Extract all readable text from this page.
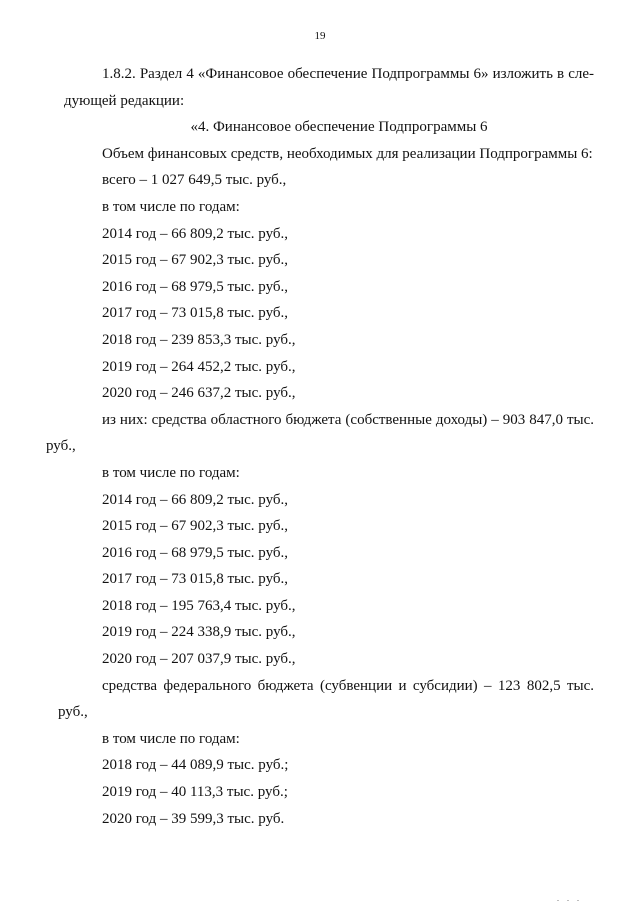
19

1.8.2. Раздел 4 «Финансовое обеспечение Подпрограммы 6» изложить в сле-

дующей редакции:

«4. Финансовое обеспечение Подпрограммы 6

Объем финансовых средств, необходимых для реализации Подпрограммы 6:

всего – 1 027 649,5 тыс. руб.,

в том числе по годам:

2014 год – 66 809,2 тыс. руб.,

2015 год – 67 902,3 тыс. руб.,

2016 год – 68 979,5 тыс. руб.,

2017 год – 73 015,8 тыс. руб.,

2018 год – 239 853,3 тыс. руб.,

2019 год – 264 452,2 тыс. руб.,

2020 год – 246 637,2 тыс. руб.,

из них: средства областного бюджета (собственные доходы) – 903 847,0 тыс.

руб.,

в том числе по годам:

2014 год – 66 809,2 тыс. руб.,

2015 год – 67 902,3 тыс. руб.,

2016 год – 68 979,5 тыс. руб.,

2017 год – 73 015,8 тыс. руб.,

2018 год – 195 763,4 тыс. руб.,

2019 год – 224 338,9 тыс. руб.,

2020 год – 207 037,9 тыс. руб.,

средства федерального бюджета (субвенции и субсидии) – 123 802,5 тыс.

руб.,

в том числе по годам:

2018 год – 44 089,9 тыс. руб.;

2019 год – 40 113,3 тыс. руб.;

2020 год – 39 599,3 тыс. руб.

. . .
